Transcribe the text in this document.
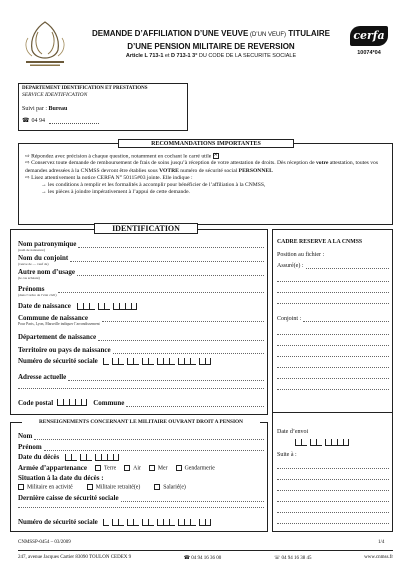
DEMANDE D’AFFILIATION D’UNE VEUVE (D’UN VEUF) TITULAIRE
D’UNE PENSION MILITAIRE DE REVERSION
Article L 713-1 et D 713-1 3° DU CODE DE LA SECURITE SOCIALE
cerfa
10074*04
DEPARTEMENT IDENTIFICATION ET PRESTATIONS
SERVICE IDENTIFICATION
Suivi par : Bureau
☎ 04 94
RECOMMANDATIONS IMPORTANTES
⇨ Répondez avec précision à chaque question, notamment en cochant le carré utile ✕
⇨ Conservez toute demande de remboursement de frais de soins jusqu’à réception de votre attestation de droits. Dès réception de votre attestation, toutes vos demandes adressées à la CNMSS devront être établies sous VOTRE numéro de sécurité social PERSONNEL
⇨ Lisez attentivement la notice CERFA N° 50115#03 jointe. Elle indique :
→ les conditions à remplir et les formalités à accomplir pour bénéficier de l’affiliation à la CNMSS,
→ les pièces à joindre impérativement à l’appui de cette demande.
IDENTIFICATION
Nom patronymique
(nom de naissance)
Nom du conjoint
(veuve de — veuf de)
Autre nom d’usage
(le cas échéant)
Prénoms
(dans l’ordre de l’état civil)
Date de naissance
Commune de naissance
Pour Paris, Lyon, Marseille indiquer l’arrondissement
Département de naissance
Territoire ou pays de naissance
Numéro de sécurité sociale
Adresse actuelle
Code postal	Commune
RENSEIGNEMENTS CONCERNANT LE MILITAIRE OUVRANT DROIT A PENSION
Nom
Prénom
Date du décès
Armée d’appartenance	Terre	Air	Mer	Gendarmerie
Situation à la date du décès :
Militaire en activité	Militaire retraité(e)	Salarié(e)
Dernière caisse de sécurité sociale
Numéro de sécurité sociale
CADRE RESERVE A LA CNMSS
Position au fichier :
Assuré(e) :
Conjoint :
Date d’envoi
Suite à :
CNMSSP-0454 – 03/2009	1/4
247, avenue Jacques Cartier 83090 TOULON CEDEX 9	☎ 04 94 16 36 00	☏ 04 94 16 38 45	www.cnmss.fr
